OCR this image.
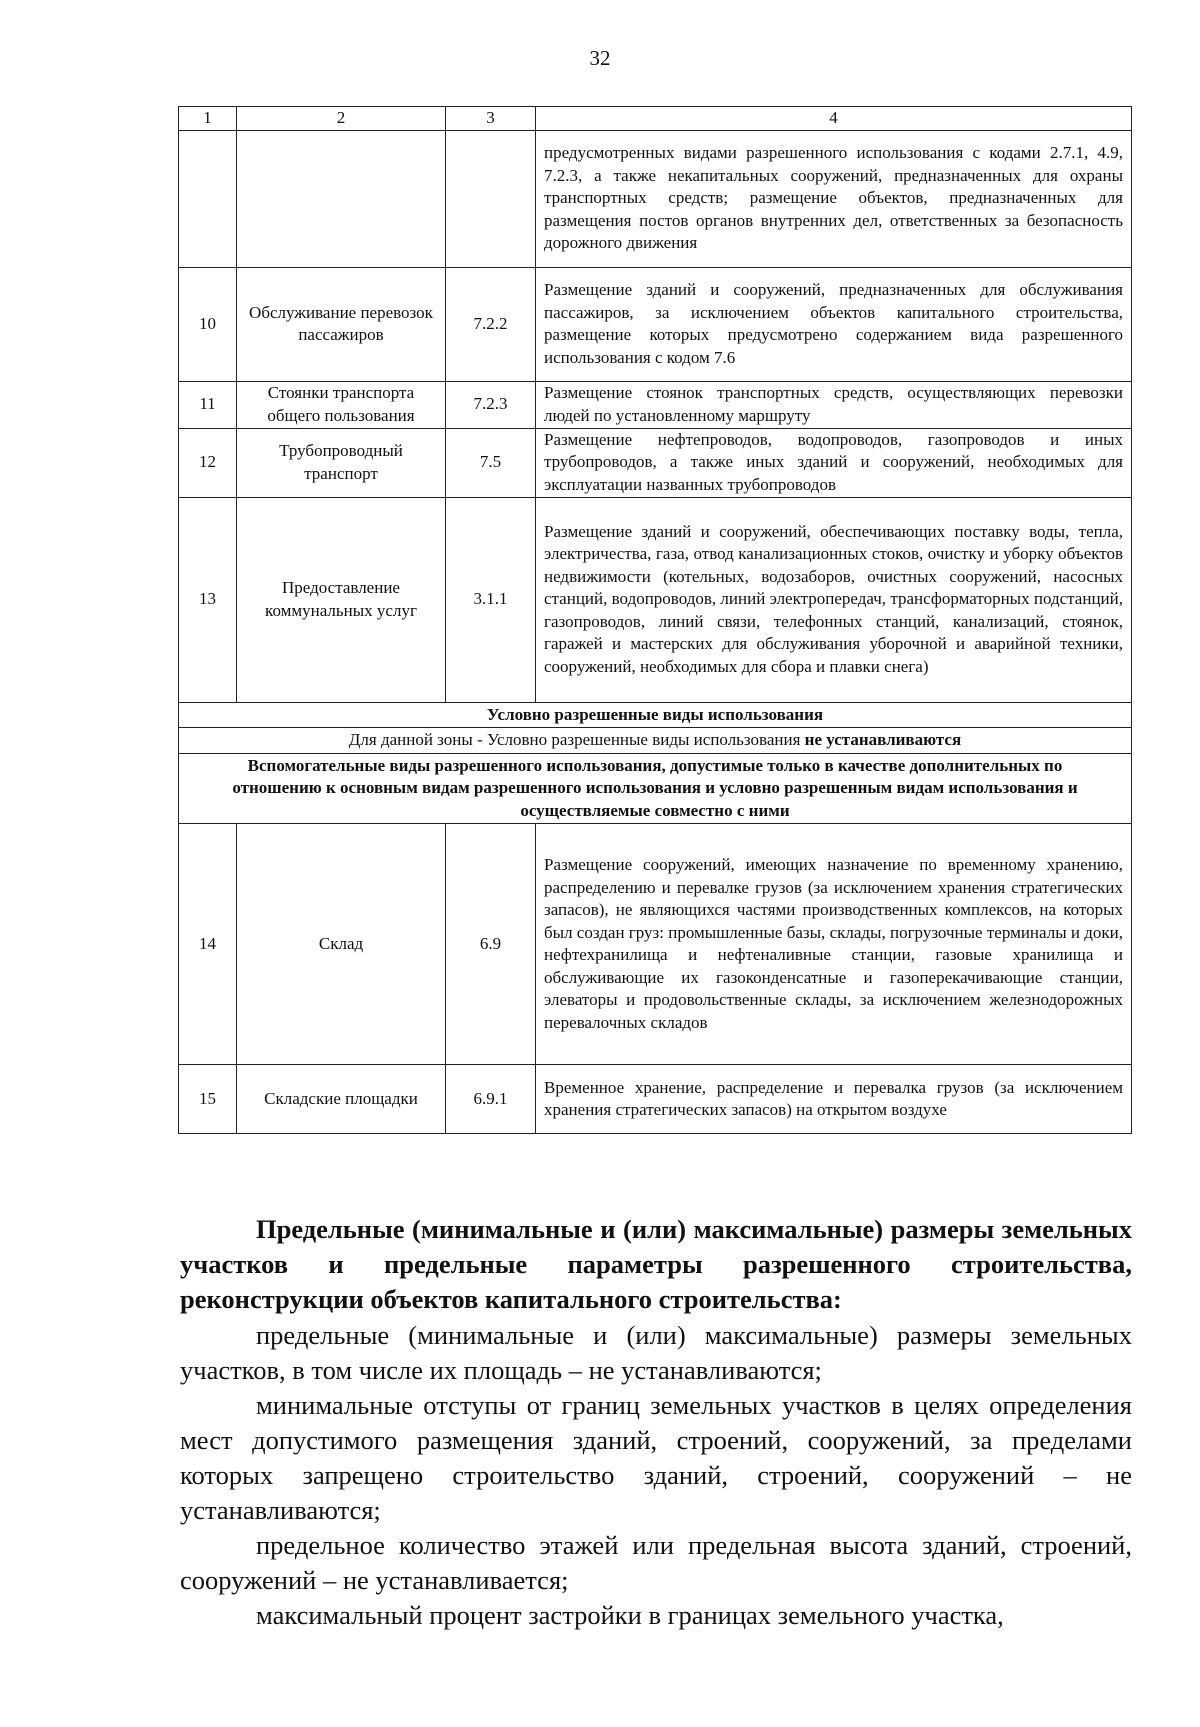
32
1	2	3	4
			предусмотренных видами разрешенного использования с кодами 2.7.1, 4.9, 7.2.3, а также некапитальных сооружений, предназначенных для охраны транспортных средств; размещение объектов, предназначенных для размещения постов органов внутренних дел, ответственных за безопасность дорожного движения
10	Обслуживание перевозок пассажиров	7.2.2	Размещение зданий и сооружений, предназначенных для обслуживания пассажиров, за исключением объектов капитального строительства, размещение которых предусмотрено содержанием вида разрешенного использования с кодом 7.6
11	Стоянки транспорта общего пользования	7.2.3	Размещение стоянок транспортных средств, осуществляющих перевозки людей по установленному маршруту
12	Трубопроводный транспорт	7.5	Размещение нефтепроводов, водопроводов, газопроводов и иных трубопроводов, а также иных зданий и сооружений, необходимых для эксплуатации названных трубопроводов
13	Предоставление коммунальных услуг	3.1.1	Размещение зданий и сооружений, обеспечивающих поставку воды, тепла, электричества, газа, отвод канализационных стоков, очистку и уборку объектов недвижимости (котельных, водозаборов, очистных сооружений, насосных станций, водопроводов, линий электропередач, трансформаторных подстанций, газопроводов, линий связи, телефонных станций, канализаций, стоянок, гаражей и мастерских для обслуживания уборочной и аварийной техники, сооружений, необходимых для сбора и плавки снега)
Условно разрешенные виды использования			
Для данной зоны - Условно разрешенные виды использования не устанавливаются			
Вспомогательные виды разрешенного использования, допустимые только в качестве дополнительных по отношению к основным видам разрешенного использования и условно разрешенным видам использования и осуществляемые совместно с ними			
14	Склад	6.9	Размещение сооружений, имеющих назначение по временному хранению, распределению и перевалке грузов (за исключением хранения стратегических запасов), не являющихся частями производственных комплексов, на которых был создан груз: промышленные базы, склады, погрузочные терминалы и доки, нефтехранилища и нефтеналивные станции, газовые хранилища и обслуживающие их газоконденсатные и газоперекачивающие станции, элеваторы и продовольственные склады, за исключением железнодорожных перевалочных складов
15	Складские площадки	6.9.1	Временное хранение, распределение и перевалка грузов (за исключением хранения стратегических запасов) на открытом воздухе
Предельные (минимальные и (или) максимальные) размеры земельных участков и предельные параметры разрешенного строительства, реконструкции объектов капитального строительства:

предельные (минимальные и (или) максимальные) размеры земельных участков, в том числе их площадь – не устанавливаются;

минимальные отступы от границ земельных участков в целях определения мест допустимого размещения зданий, строений, сооружений, за пределами которых запрещено строительство зданий, строений, сооружений – не устанавливаются;

предельное количество этажей или предельная высота зданий, строений, сооружений – не устанавливается;

максимальный процент застройки в границах земельного участка,
